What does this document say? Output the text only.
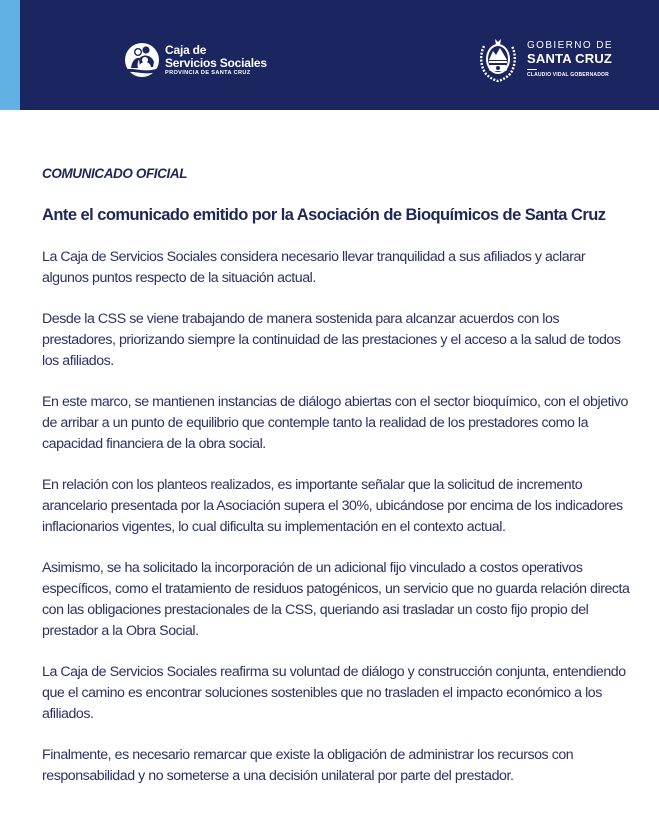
Caja de
Servicios Sociales
PROVINCIA DE SANTA CRUZ
GOBIERNO DE
SANTA CRUZ
CLAUDIO VIDAL GOBERNADOR

COMUNICADO OFICIAL

Ante el comunicado emitido por la Asociación de Bioquímicos de Santa Cruz

La Caja de Servicios Sociales considera necesario llevar tranquilidad a sus afiliados y aclarar algunos puntos respecto de la situación actual.

Desde la CSS se viene trabajando de manera sostenida para alcanzar acuerdos con los prestadores, priorizando siempre la continuidad de las prestaciones y el acceso a la salud de todos los afiliados.

En este marco, se mantienen instancias de diálogo abiertas con el sector bioquímico, con el objetivo de arribar a un punto de equilibrio que contemple tanto la realidad de los prestadores como la capacidad financiera de la obra social.

En relación con los planteos realizados, es importante señalar que la solicitud de incremento arancelario presentada por la Asociación supera el 30%, ubicándose por encima de los indicadores inflacionarios vigentes, lo cual dificulta su implementación en el contexto actual.

Asimismo, se ha solicitado la incorporación de un adicional fijo vinculado a costos operativos específicos, como el tratamiento de residuos patogénicos, un servicio que no guarda relación directa con las obligaciones prestacionales de la CSS, queriando asi trasladar un costo fijo propio del prestador a la Obra Social.

La Caja de Servicios Sociales reafirma su voluntad de diálogo y construcción conjunta, entendiendo que el camino es encontrar soluciones sostenibles que no trasladen el impacto económico a los afiliados.

Finalmente, es necesario remarcar que existe la obligación de administrar los recursos con responsabilidad y no someterse a una decisión unilateral por parte del prestador.
